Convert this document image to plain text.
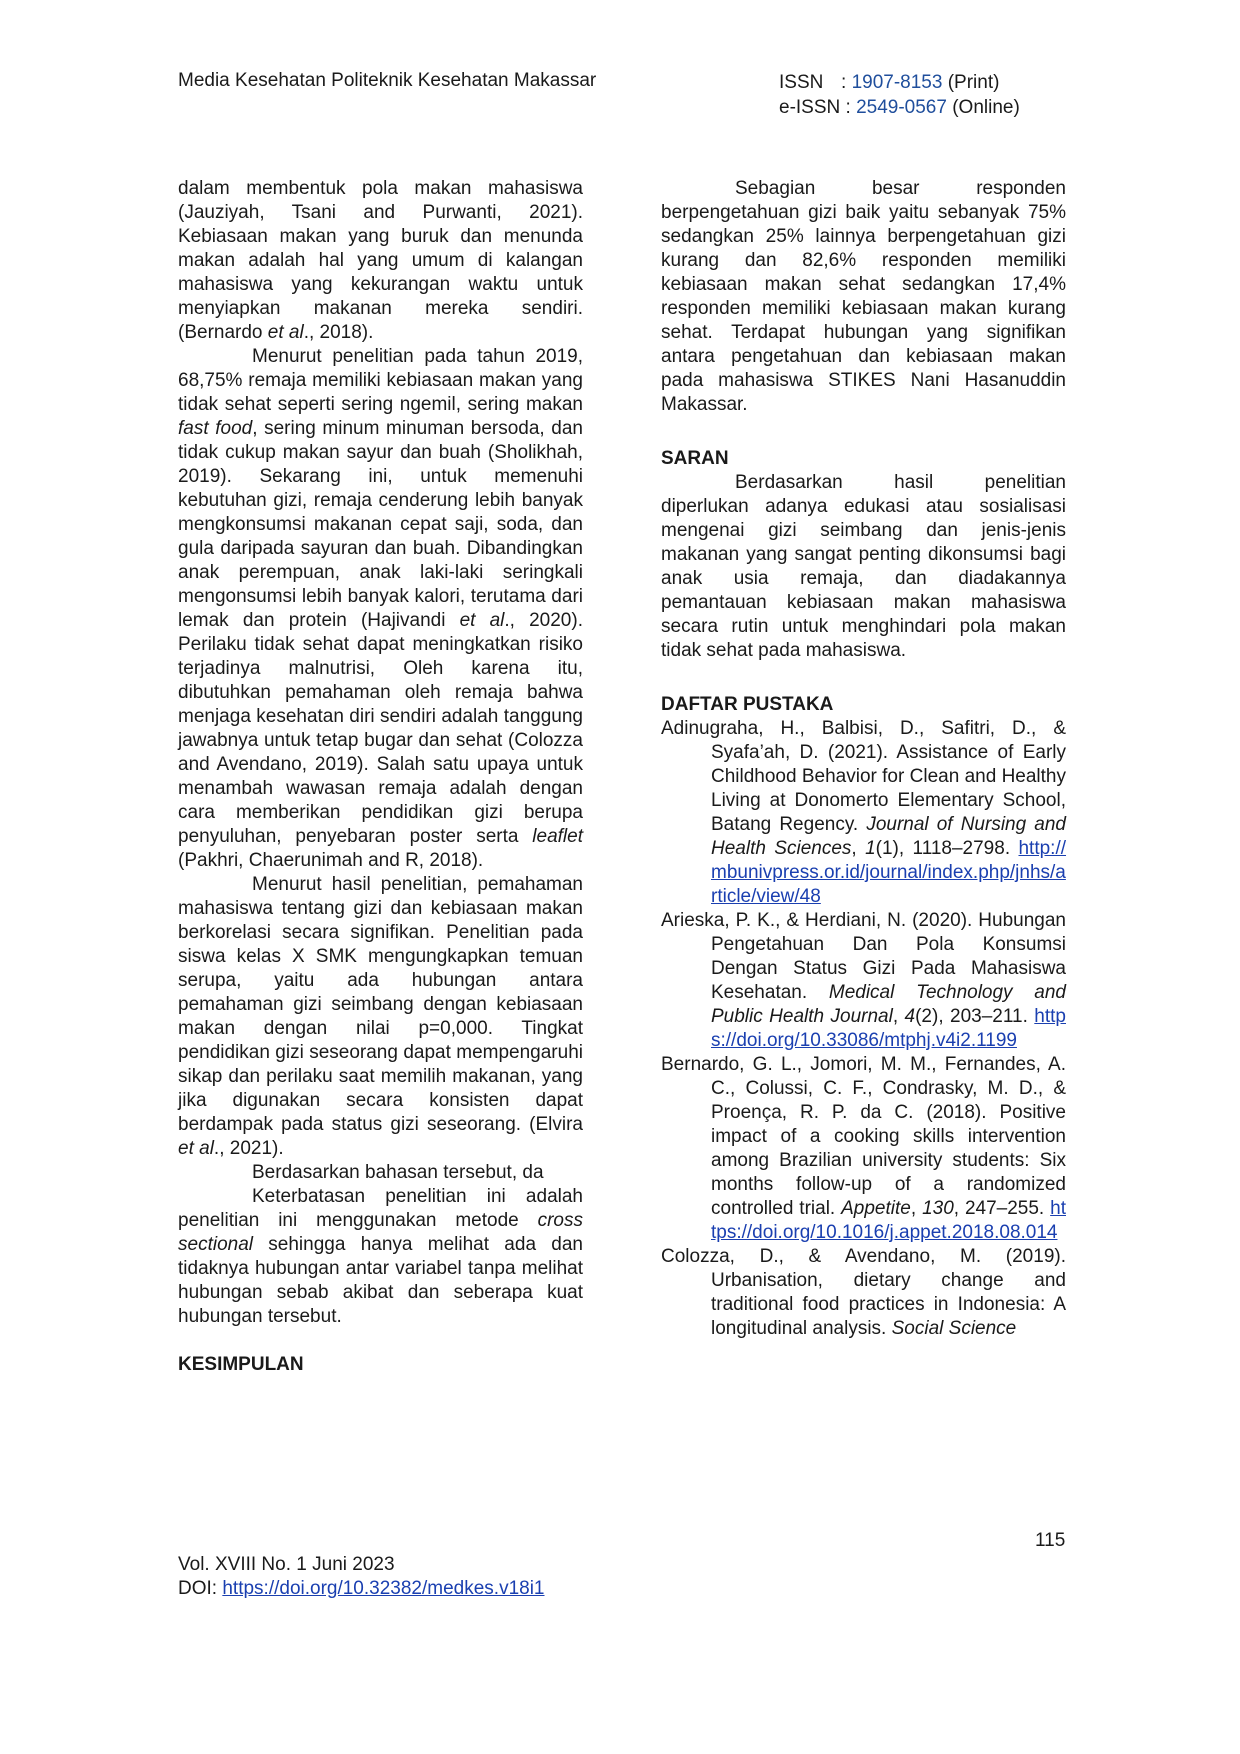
Media Kesehatan Politeknik Kesehatan Makassar	ISSN : 1907-8153 (Print)
e-ISSN : 2549-0567 (Online)

dalam membentuk pola makan mahasiswa (Jauziyah, Tsani and Purwanti, 2021). Kebiasaan makan yang buruk dan menunda makan adalah hal yang umum di kalangan mahasiswa yang kekurangan waktu untuk menyiapkan makanan mereka sendiri. (Bernardo et al., 2018).

Menurut penelitian pada tahun 2019, 68,75% remaja memiliki kebiasaan makan yang tidak sehat seperti sering ngemil, sering makan fast food, sering minum minuman bersoda, dan tidak cukup makan sayur dan buah (Sholikhah, 2019). Sekarang ini, untuk memenuhi kebutuhan gizi, remaja cenderung lebih banyak mengkonsumsi makanan cepat saji, soda, dan gula daripada sayuran dan buah. Dibandingkan anak perempuan, anak laki-laki seringkali mengonsumsi lebih banyak kalori, terutama dari lemak dan protein (Hajivandi et al., 2020). Perilaku tidak sehat dapat meningkatkan risiko terjadinya malnutrisi, Oleh karena itu, dibutuhkan pemahaman oleh remaja bahwa menjaga kesehatan diri sendiri adalah tanggung jawabnya untuk tetap bugar dan sehat (Colozza and Avendano, 2019). Salah satu upaya untuk menambah wawasan remaja adalah dengan cara memberikan pendidikan gizi berupa penyuluhan, penyebaran poster serta leaflet (Pakhri, Chaerunimah and R, 2018).

Menurut hasil penelitian, pemahaman mahasiswa tentang gizi dan kebiasaan makan berkorelasi secara signifikan. Penelitian pada siswa kelas X SMK mengungkapkan temuan serupa, yaitu ada hubungan antara pemahaman gizi seimbang dengan kebiasaan makan dengan nilai p=0,000. Tingkat pendidikan gizi seseorang dapat mempengaruhi sikap dan perilaku saat memilih makanan, yang jika digunakan secara konsisten dapat berdampak pada status gizi seseorang. (Elvira et al., 2021).

Berdasarkan bahasan tersebut, da

Keterbatasan penelitian ini adalah penelitian ini menggunakan metode cross sectional sehingga hanya melihat ada dan tidaknya hubungan antar variabel tanpa melihat hubungan sebab akibat dan seberapa kuat hubungan tersebut.

KESIMPULAN

Sebagian besar responden berpengetahuan gizi baik yaitu sebanyak 75% sedangkan 25% lainnya berpengetahuan gizi kurang dan 82,6% responden memiliki kebiasaan makan sehat sedangkan 17,4% responden memiliki kebiasaan makan kurang sehat. Terdapat hubungan yang signifikan antara pengetahuan dan kebiasaan makan pada mahasiswa STIKES Nani Hasanuddin Makassar.

SARAN

Berdasarkan hasil penelitian diperlukan adanya edukasi atau sosialisasi mengenai gizi seimbang dan jenis-jenis makanan yang sangat penting dikonsumsi bagi anak usia remaja, dan diadakannya pemantauan kebiasaan makan mahasiswa secara rutin untuk menghindari pola makan tidak sehat pada mahasiswa.

DAFTAR PUSTAKA

Adinugraha, H., Balbisi, D., Safitri, D., & Syafa’ah, D. (2021). Assistance of Early Childhood Behavior for Clean and Healthy Living at Donomerto Elementary School, Batang Regency. Journal of Nursing and Health Sciences, 1(1), 1118–2798. http://mbunivpress.or.id/journal/index.php/jnhs/article/view/48

Arieska, P. K., & Herdiani, N. (2020). Hubungan Pengetahuan Dan Pola Konsumsi Dengan Status Gizi Pada Mahasiswa Kesehatan. Medical Technology and Public Health Journal, 4(2), 203–211. https://doi.org/10.33086/mtphj.v4i2.1199

Bernardo, G. L., Jomori, M. M., Fernandes, A. C., Colussi, C. F., Condrasky, M. D., & Proença, R. P. da C. (2018). Positive impact of a cooking skills intervention among Brazilian university students: Six months follow-up of a randomized controlled trial. Appetite, 130, 247–255. https://doi.org/10.1016/j.appet.2018.08.014

Colozza, D., & Avendano, M. (2019). Urbanisation, dietary change and traditional food practices in Indonesia: A longitudinal analysis. Social Science

115
Vol. XVIII No. 1 Juni 2023
DOI: https://doi.org/10.32382/medkes.v18i1
